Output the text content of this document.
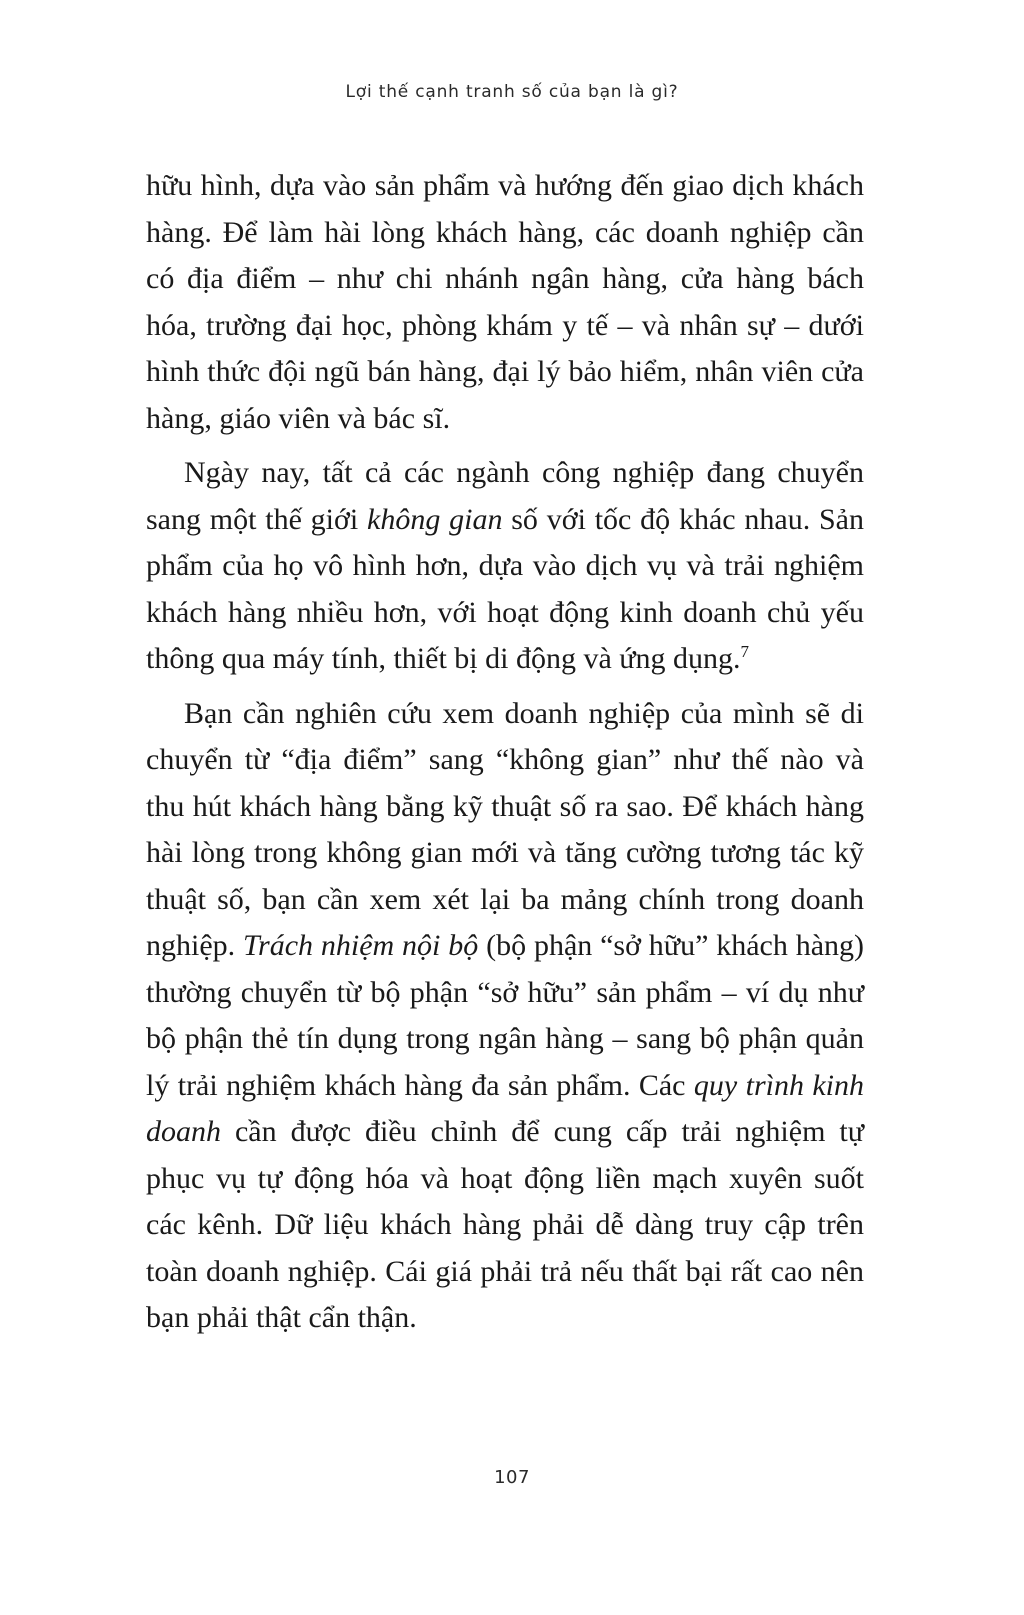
Lợi thế cạnh tranh số của bạn là gì?

hữu hình, dựa vào sản phẩm và hướng đến giao dịch khách hàng. Để làm hài lòng khách hàng, các doanh nghiệp cần có địa điểm – như chi nhánh ngân hàng, cửa hàng bách hóa, trường đại học, phòng khám y tế – và nhân sự – dưới hình thức đội ngũ bán hàng, đại lý bảo hiểm, nhân viên cửa hàng, giáo viên và bác sĩ.

Ngày nay, tất cả các ngành công nghiệp đang chuyển sang một thế giới không gian số với tốc độ khác nhau. Sản phẩm của họ vô hình hơn, dựa vào dịch vụ và trải nghiệm khách hàng nhiều hơn, với hoạt động kinh doanh chủ yếu thông qua máy tính, thiết bị di động và ứng dụng.$^7$

Bạn cần nghiên cứu xem doanh nghiệp của mình sẽ di chuyển từ “địa điểm” sang “không gian” như thế nào và thu hút khách hàng bằng kỹ thuật số ra sao. Để khách hàng hài lòng trong không gian mới và tăng cường tương tác kỹ thuật số, bạn cần xem xét lại ba mảng chính trong doanh nghiệp. Trách nhiệm nội bộ (bộ phận “sở hữu” khách hàng) thường chuyển từ bộ phận “sở hữu” sản phẩm – ví dụ như bộ phận thẻ tín dụng trong ngân hàng – sang bộ phận quản lý trải nghiệm khách hàng đa sản phẩm. Các quy trình kinh doanh cần được điều chỉnh để cung cấp trải nghiệm tự phục vụ tự động hóa và hoạt động liền mạch xuyên suốt các kênh. Dữ liệu khách hàng phải dễ dàng truy cập trên toàn doanh nghiệp. Cái giá phải trả nếu thất bại rất cao nên bạn phải thật cẩn thận.

107
